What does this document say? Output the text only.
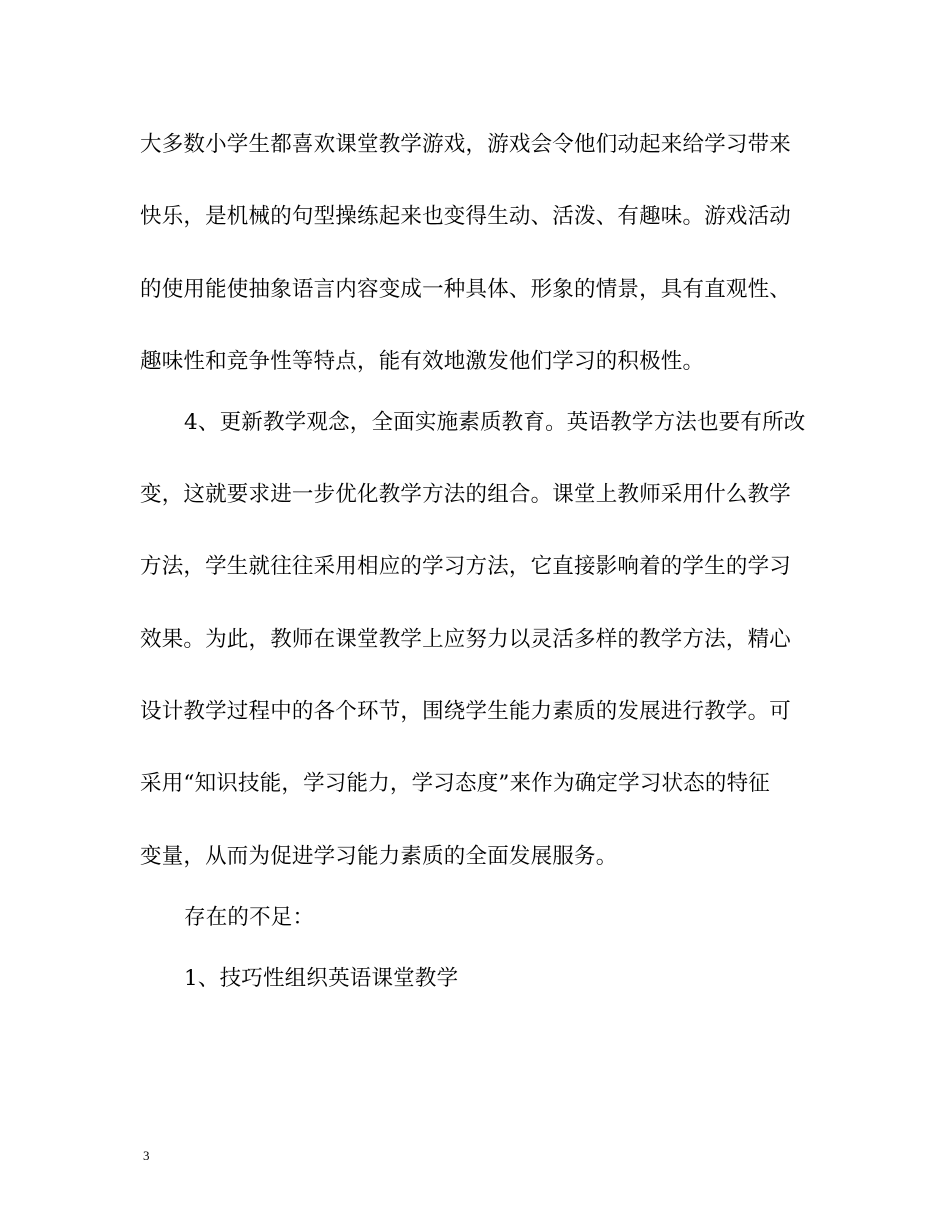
大多数小学生都喜欢课堂教学游戏，游戏会令他们动起来给学习带来
快乐，是机械的句型操练起来也变得生动、活泼、有趣味。游戏活动
的使用能使抽象语言内容变成一种具体、形象的情景，具有直观性、
趣味性和竞争性等特点，能有效地激发他们学习的积极性。
4、更新教学观念，全面实施素质教育。英语教学方法也要有所改
变，这就要求进一步优化教学方法的组合。课堂上教师采用什么教学
方法，学生就往往采用相应的学习方法，它直接影响着的学生的学习
效果。为此，教师在课堂教学上应努力以灵活多样的教学方法，精心
设计教学过程中的各个环节，围绕学生能力素质的发展进行教学。可
采用“知识技能，学习能力，学习态度”来作为确定学习状态的特征
变量，从而为促进学习能力素质的全面发展服务。
存在的不足：
1、技巧性组织英语课堂教学
3
